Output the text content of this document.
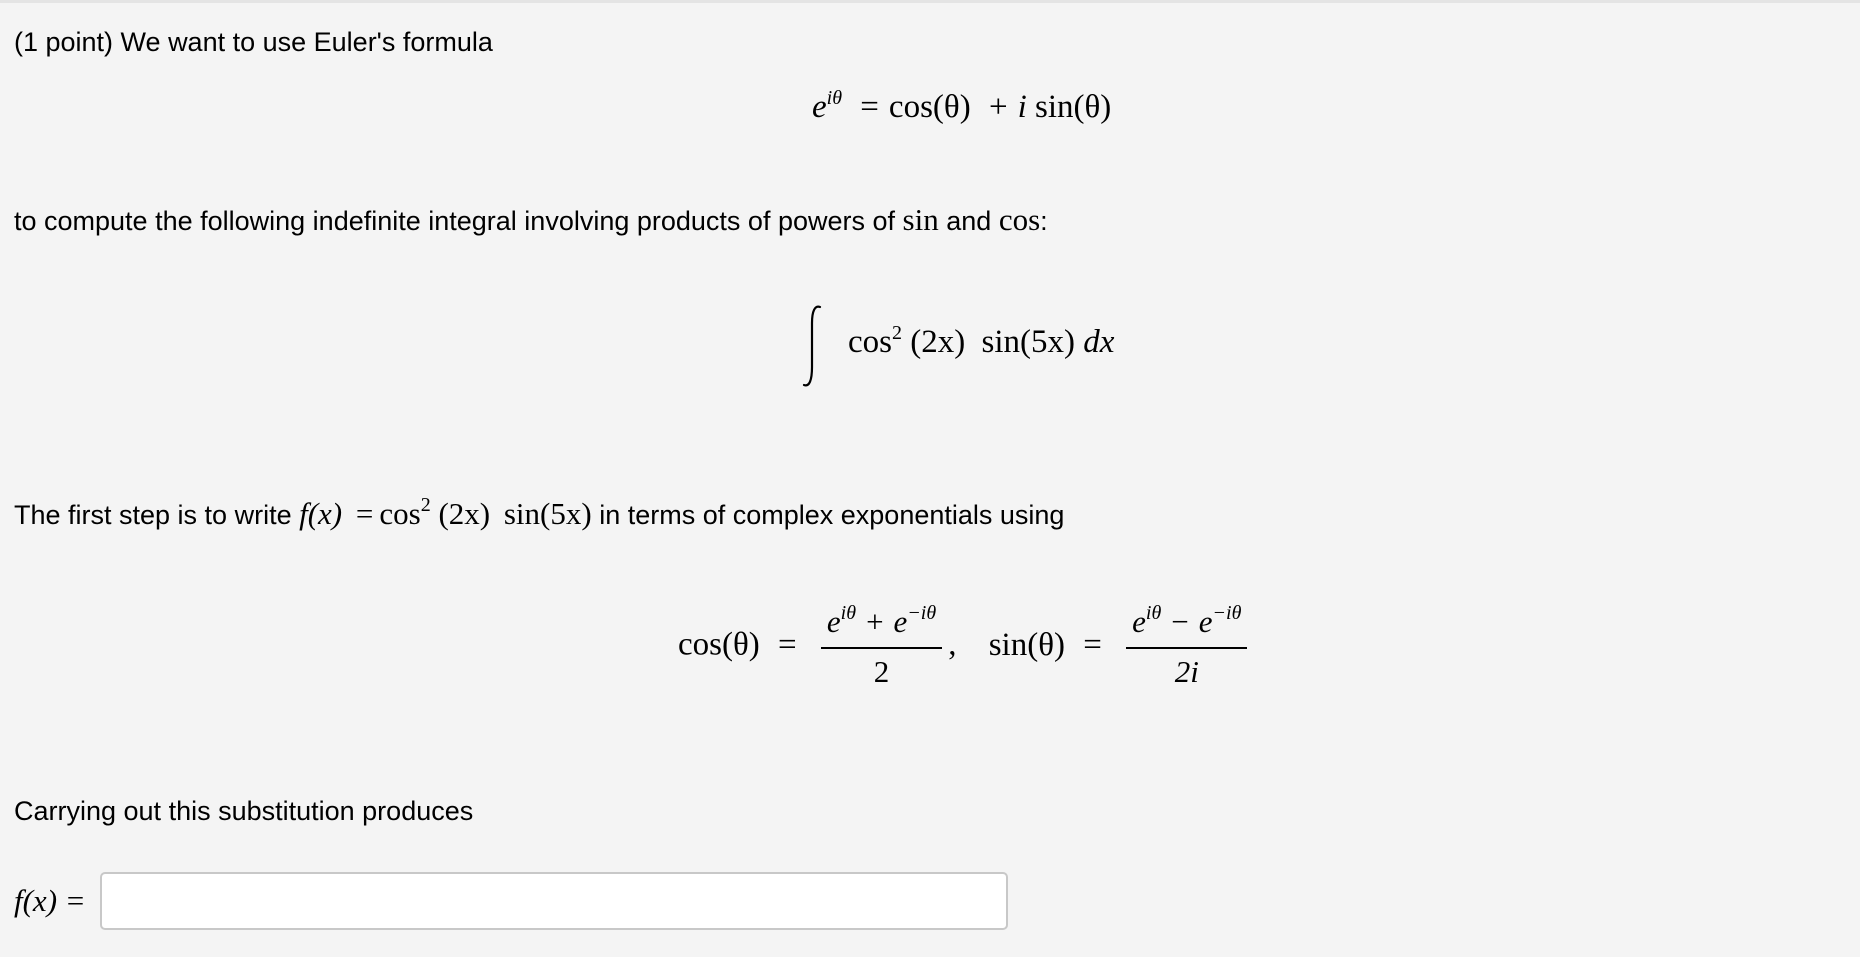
(1 point) We want to use Euler's formula
$e^{i\theta} = \cos(\theta) + i$ sin(θ)
to compute the following indefinite integral involving products of powers of sin and cos:
$\cos^2 (2x)$ sin(5x) dx
The first step is to write $f(x) = \cos^2 (2x)$ sin(5x) in terms of complex exponentials using
$\cos(\theta) = \frac{e^{i\theta} + e^{-i\theta}}{2}$ , $\sin(\theta) = \frac{e^{i\theta} - e^{-i\theta}}{2i}$
Carrying out this substitution produces
f(x) =
